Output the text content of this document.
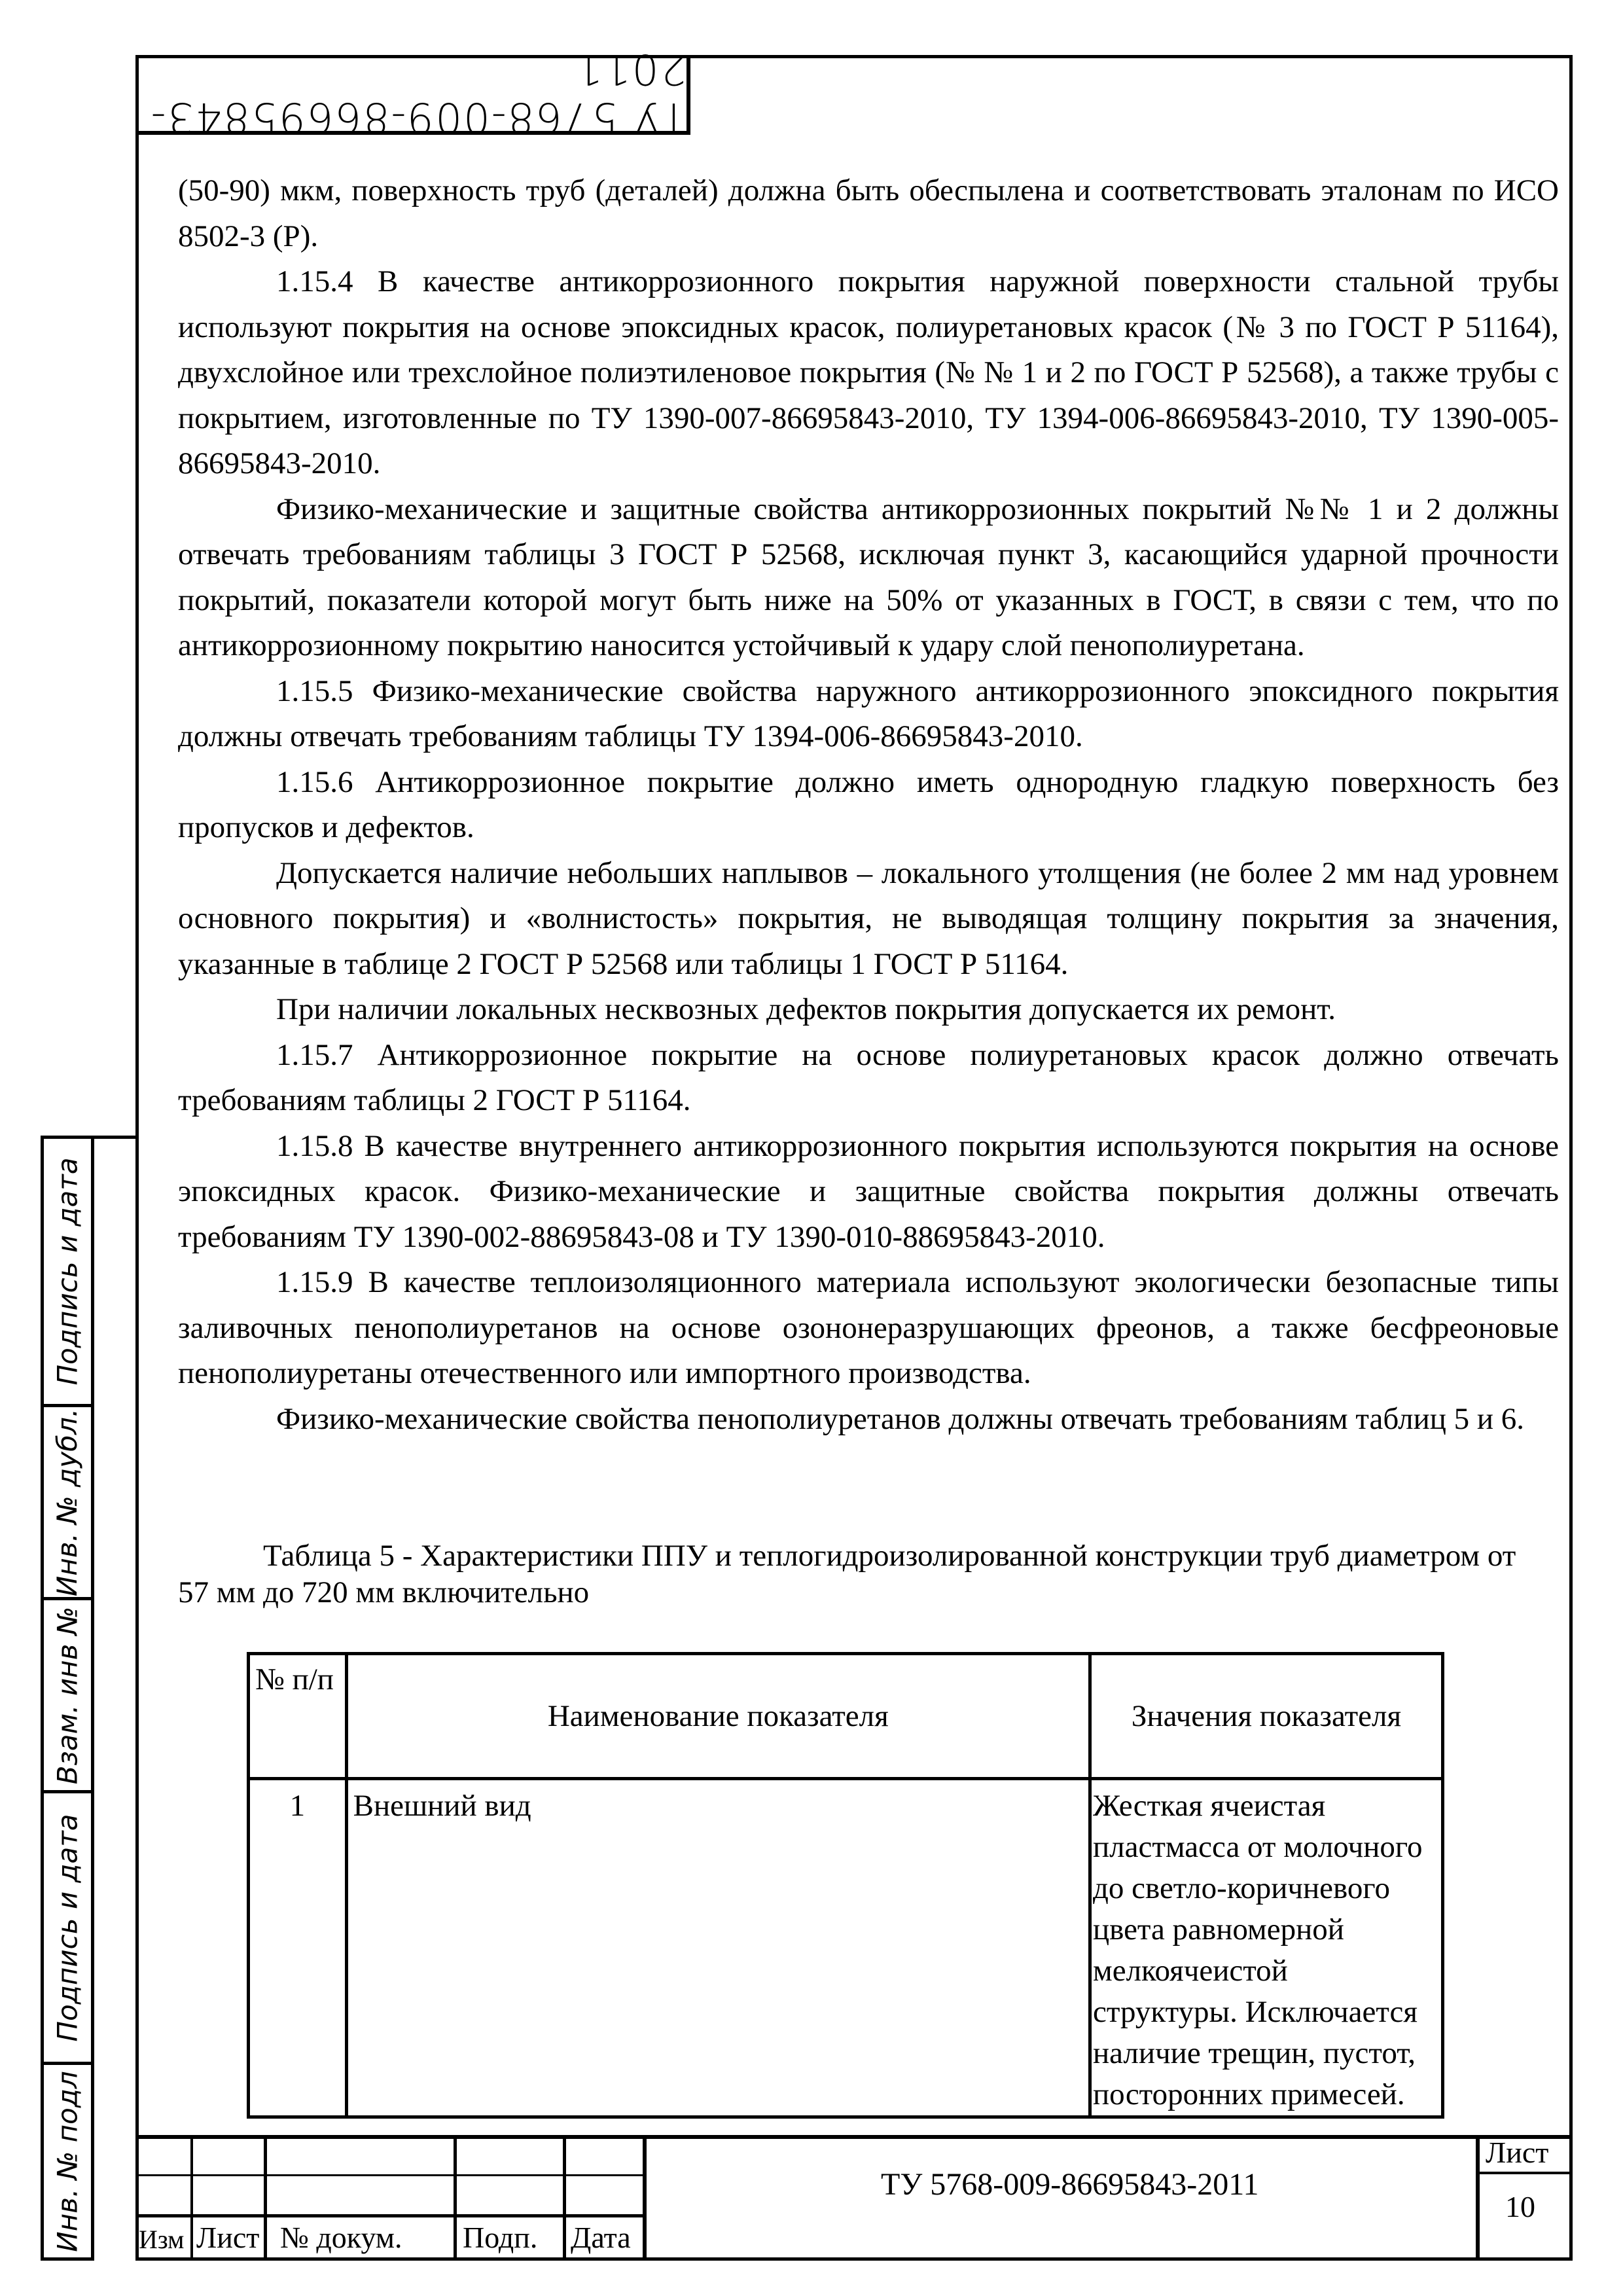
ТУ 5768-009-86695843-2011

(50-90) мкм, поверхность труб (деталей) должна быть обеспылена и соответствовать эталонам по ИСО 8502-3 (Р).

1.15.4 В качестве антикоррозионного покрытия наружной поверхности стальной трубы используют покрытия на основе эпоксидных красок, полиуретановых красок (№ 3 по ГОСТ Р 51164), двухслойное или трехслойное полиэтиленовое покрытия (№ № 1 и 2 по ГОСТ Р 52568), а также трубы с покрытием, изготовленные по ТУ 1390-007-86695843-2010, ТУ 1394-006-86695843-2010, ТУ 1390-005-86695843-2010.

Физико-механические и защитные свойства антикоррозионных покрытий №№ 1 и 2 должны отвечать требованиям таблицы 3 ГОСТ Р 52568, исключая пункт 3, касающийся ударной прочности покрытий, показатели которой могут быть ниже на 50% от указанных в ГОСТ, в связи с тем, что по антикоррозионному покрытию наносится устойчивый к удару слой пенополиуретана.

1.15.5 Физико-механические свойства наружного антикоррозионного эпоксидного покрытия должны отвечать требованиям таблицы ТУ 1394-006-86695843-2010.

1.15.6 Антикоррозионное покрытие должно иметь однородную гладкую поверхность без пропусков и дефектов.

Допускается наличие небольших наплывов – локального утолщения (не более 2 мм над уровнем основного покрытия) и «волнистость» покрытия, не выводящая толщину покрытия за значения, указанные в таблице 2 ГОСТ Р 52568 или таблицы 1 ГОСТ Р 51164.

При наличии локальных несквозных дефектов покрытия допускается их ремонт.

1.15.7 Антикоррозионное покрытие на основе полиуретановых красок должно отвечать требованиям таблицы 2 ГОСТ Р 51164.

1.15.8 В качестве внутреннего антикоррозионного покрытия используются покрытия на основе эпоксидных красок. Физико-механические и защитные свойства покрытия должны отвечать требованиям ТУ 1390-002-88695843-08 и ТУ 1390-010-88695843-2010.

1.15.9 В качестве теплоизоляционного материала используют экологически безопасные типы заливочных пенополиуретанов на основе озононеразрушающих фреонов, а также бесфреоновые пенополиуретаны отечественного или импортного производства.

Физико-механические свойства пенополиуретанов должны отвечать требованиям таблиц 5 и 6.

Таблица 5 - Характеристики ППУ и теплогидроизолированной конструкции труб диаметром от 57 мм до 720 мм включительно
№ п/п	Наименование показателя	Значения показателя
1	Внешний вид	Жесткая ячеистая пластмасса от молочного до светло-коричневого цвета равномерной мелкоячеистой структуры. Исключается наличие трещин, пустот, посторонних примесей.
Подпись и дата
Инв. № дубл.
Взам. инв №
Подпись и дата
Инв. № подл Изм Лист № докум. Подп. Дата
ТУ 5768-009-86695843-2011
Лист
10
